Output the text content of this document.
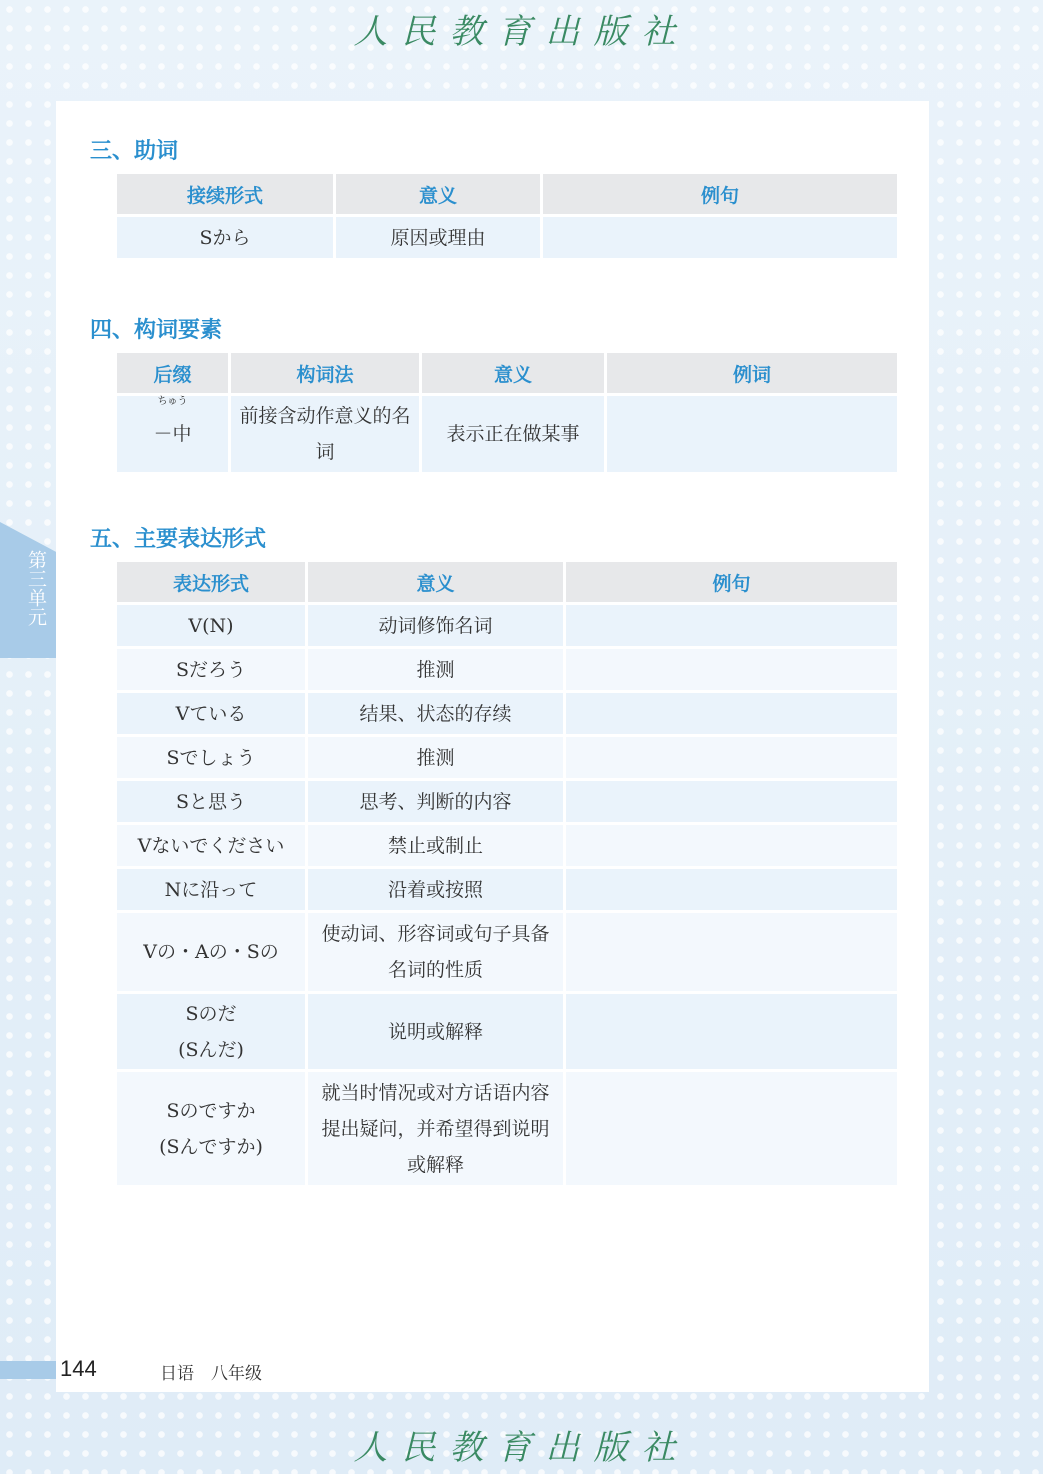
人民教育出版社
第三单元
三、助词
接续形式	意义	例句
Sから	原因或理由	
四、构词要素
后缀	构词法	意义	例词

ちゅう
－中	前接含动作意义的名词	表示正在做某事	
五、主要表达形式
表达形式	意义	例句
V(N)	动词修饰名词	
Sだろう	推测	
Vている	结果、状态的存续	
Sでしょう	推测	
Sと思う	思考、判断的内容	
Vないでください	禁止或制止	
Nに沿って	沿着或按照	
Vの・Aの・Sの	使动词、形容词或句子具备名词的性质	
Sのだ
(Sんだ)	说明或解释	
Sのですか
(Sんですか)	就当时情况或对方话语内容提出疑问，并希望得到说明或解释	
144	日语　八年级
人民教育出版社
